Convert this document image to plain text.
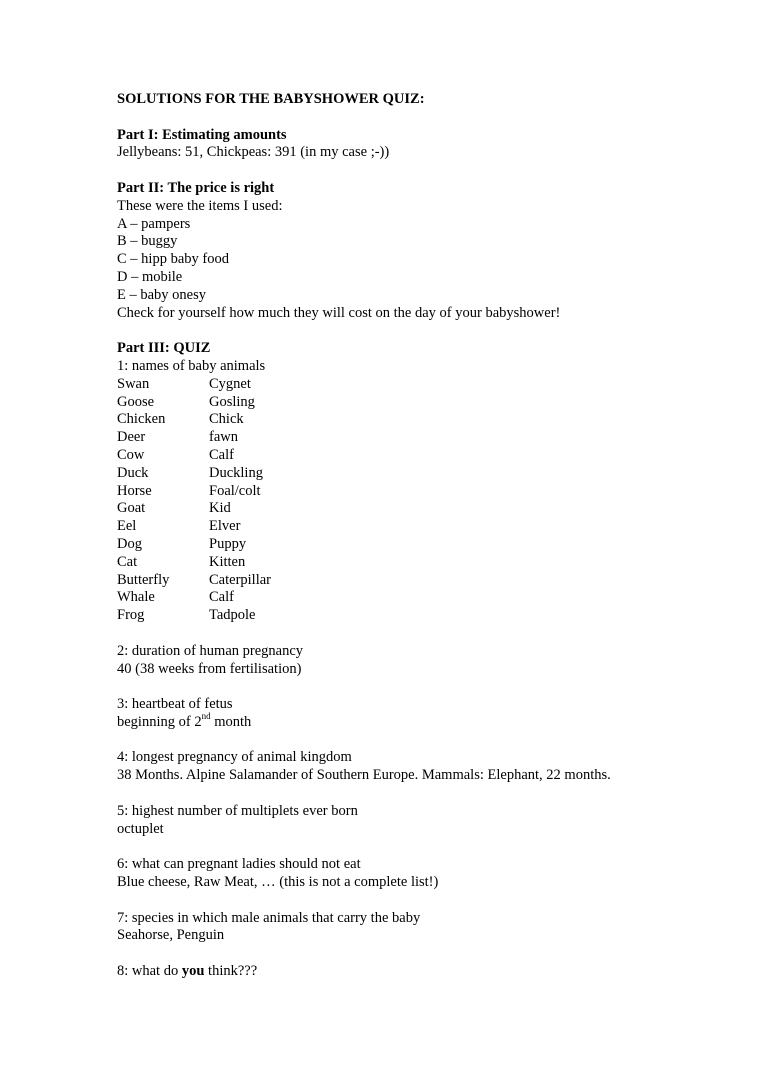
SOLUTIONS FOR THE BABYSHOWER QUIZ:
Part I: Estimating amounts
Jellybeans: 51, Chickpeas: 391 (in my case ;-))
Part II: The price is right
These were the items I used:
A – pampers
B – buggy
C – hipp baby food
D – mobile
E – baby onesy
Check for yourself how much they will cost on the day of your babyshower!
Part III: QUIZ
1: names of baby animals
Swan	Cygnet
Goose	Gosling
Chicken	Chick
Deer	fawn
Cow	Calf
Duck	Duckling
Horse	Foal/colt
Goat	Kid
Eel	Elver
Dog	Puppy
Cat	Kitten
Butterfly	Caterpillar
Whale	Calf
Frog	Tadpole
2: duration of human pregnancy
40 (38 weeks from fertilisation)
3: heartbeat of fetus
beginning of 2nd month
4: longest pregnancy of animal kingdom
38 Months. Alpine Salamander of Southern Europe. Mammals: Elephant, 22 months.
5: highest number of multiplets ever born
octuplet
6: what can pregnant ladies should not eat
Blue cheese, Raw Meat, … (this is not a complete list!)
7: species in which male animals that carry the baby
Seahorse, Penguin
8: what do you think???
